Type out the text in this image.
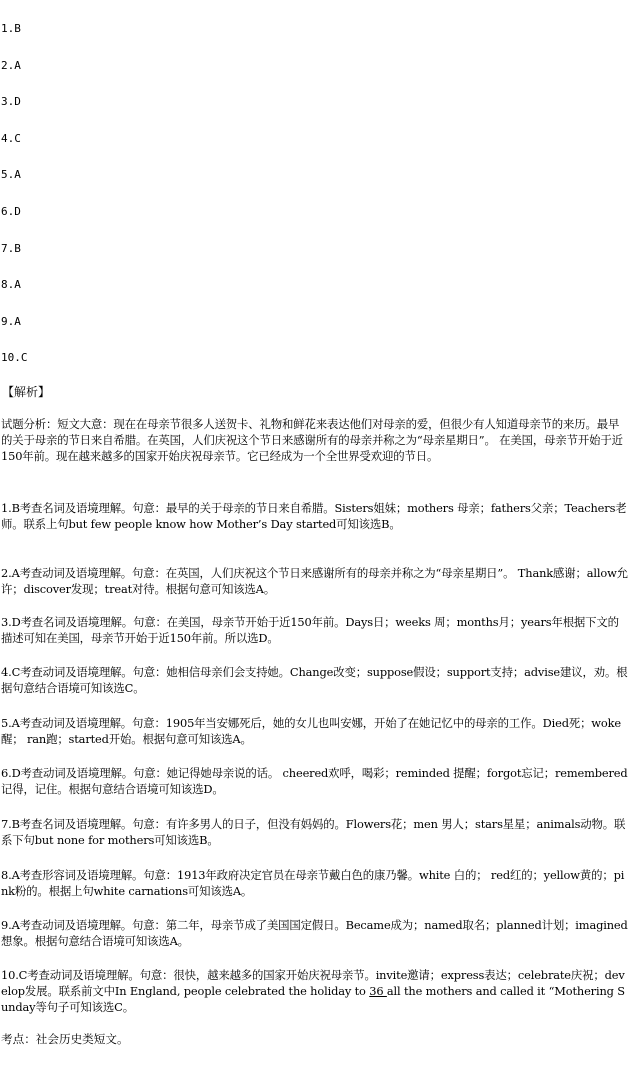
1.B
2.A
3.D
4.C
5.A
6.D
7.B
8.A
9.A
10.C
【解析】

试题分析：短文大意：现在在母亲节很多人送贺卡、礼物和鲜花来表达他们对母亲的爱，但很少有人知道母亲节的来历。最早的关于母亲的节日来自希腊。在英国，人们庆祝这个节日来感谢所有的母亲并称之为“母亲星期日”。 在美国，母亲节开始于近150年前。现在越来越多的国家开始庆祝母亲节。它已经成为一个全世界受欢迎的节日。

1.B考查名词及语境理解。句意：最早的关于母亲的节日来自希腊。Sisters姐妹；mothers 母亲；fathers父亲；Teachers老师。联系上句but few people know how Mother’s Day started可知该选B。

2.A考查动词及语境理解。句意：在英国，人们庆祝这个节日来感谢所有的母亲并称之为“母亲星期日”。 Thank感谢；allow允许；discover发现；treat对待。根据句意可知该选A。

3.D考查名词及语境理解。句意：在美国，母亲节开始于近150年前。Days日；weeks 周；months月；years年根据下文的描述可知在美国，母亲节开始于近150年前。所以选D。

4.C考查动词及语境理解。句意：她相信母亲们会支持她。Change改变；suppose假设；support支持；advise建议，劝。根据句意结合语境可知该选C。

5.A考查动词及语境理解。句意：1905年当安娜死后，她的女儿也叫安娜，开始了在她记忆中的母亲的工作。Died死；woke醒； ran跑；started开始。根据句意可知该选A。

6.D考查动词及语境理解。句意：她记得她母亲说的话。 cheered欢呼，喝彩；reminded 提醒；forgot忘记；remembered记得，记住。根据句意结合语境可知该选D。

7.B考查名词及语境理解。句意：有许多男人的日子，但没有妈妈的。Flowers花；men 男人；stars星星；animals动物。联系下句but none for mothers可知该选B。

8.A考查形容词及语境理解。句意：1913年政府决定官员在母亲节戴白色的康乃馨。white 白的； red红的；yellow黄的；pink粉的。根据上句white carnations可知该选A。

9.A考查动词及语境理解。句意：第二年，母亲节成了美国国定假日。Became成为；named取名；planned计划；imagined想象。根据句意结合语境可知该选A。

10.C考查动词及语境理解。句意：很快，越来越多的国家开始庆祝母亲节。invite邀请；express表达；celebrate庆祝；develop发展。联系前文中In England, people celebrated the holiday to 36 all the mothers and called it “Mothering Sunday等句子可知该选C。

考点：社会历史类短文。
